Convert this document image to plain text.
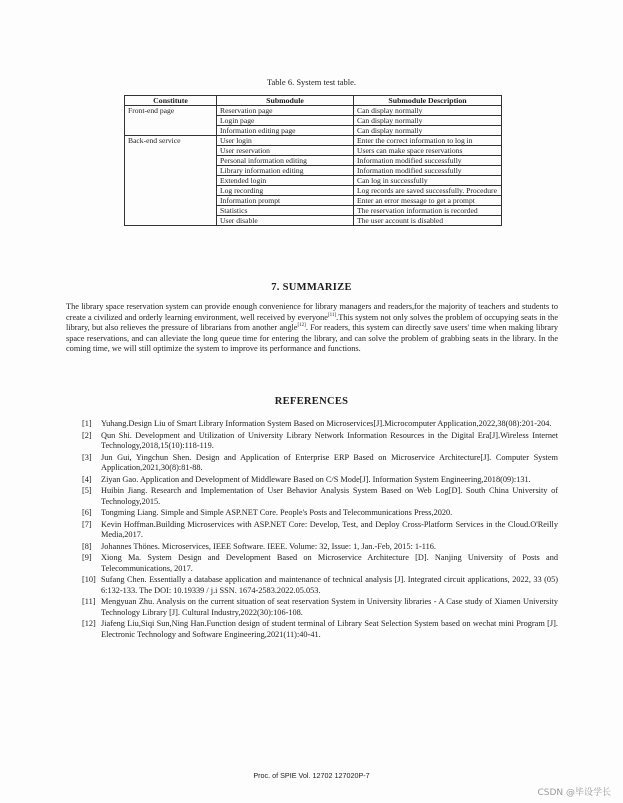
Table 6. System test table.
Constitute	Submodule	Submodule Description
Front-end page	Reservation page	Can display normally
	Login page	Can display normally
	Information editing page	Can display normally
Back-end service	User login	Enter the correct information to log in
	User reservation	Users can make space reservations
	Personal information editing	Information modified successfully
	Library information editing	Information modified successfully
	Extended login	Can log in successfully
	Log recording	Log records are saved successfully. Procedure
	Information prompt	Enter an error message to get a prompt
	Statistics	The reservation information is recorded
	User disable	The user account is disabled
7. SUMMARIZE

The library space reservation system can provide enough convenience for library managers and readers,for the majority of teachers and students to create a civilized and orderly learning environment, well received by everyone[11].This system not only solves the problem of occupying seats in the library, but also relieves the pressure of librarians from another angle[12]. For readers, this system can directly save users' time when making library space reservations, and can alleviate the long queue time for entering the library, and can solve the problem of grabbing seats in the library. In the coming time, we will still optimize the system to improve its performance and functions.

REFERENCES
[1]	Yuhang.Design Liu of Smart Library Information System Based on Microservices[J].Microcomputer Application,2022,38(08):201-204.
[2]	Qun Shi. Development and Utilization of University Library Network Information Resources in the Digital Era[J].Wireless Internet Technology,2018,15(10):118-119.
[3]	Jun Gui, Yingchun Shen. Design and Application of Enterprise ERP Based on Microservice Architecture[J]. Computer System Application,2021,30(8):81-88.
[4]	Ziyan Gao. Application and Development of Middleware Based on C/S Mode[J]. Information System Engineering,2018(09):131.
[5]	Huibin Jiang. Research and Implementation of User Behavior Analysis System Based on Web Log[D]. South China University of Technology,2015.
[6]	Tongming Liang. Simple and Simple ASP.NET Core. People's Posts and Telecommunications Press,2020.
[7]	Kevin Hoffman.Building Microservices with ASP.NET Core: Develop, Test, and Deploy Cross-Platform Services in the Cloud.O'Reilly Media,2017.
[8]	Johannes Thönes. Microservices, IEEE Software. IEEE. Volume: 32, Issue: 1, Jan.-Feb, 2015: 1-116.
[9]	Xiong Ma. System Design and Development Based on Microservice Architecture [D]. Nanjing University of Posts and Telecommunications, 2017.
[10] Sufang Chen. Essentially a database application and maintenance of technical analysis [J]. Integrated circuit applications, 2022, 33 (05) 6:132-133. The DOI: 10.19339 / j.i SSN. 1674-2583.2022.05.053.
[11] Mengyuan Zhu. Analysis on the current situation of seat reservation System in University libraries - A Case study of Xiamen University Technology Library [J]. Cultural Industry,2022(30):106-108.
[12] Jiafeng Liu,Siqi Sun,Ning Han.Function design of student terminal of Library Seat Selection System based on wechat mini Program [J]. Electronic Technology and Software Engineering,2021(11):40-41.
Proc. of SPIE Vol. 12702 127020P-7
CSDN @毕设学长
